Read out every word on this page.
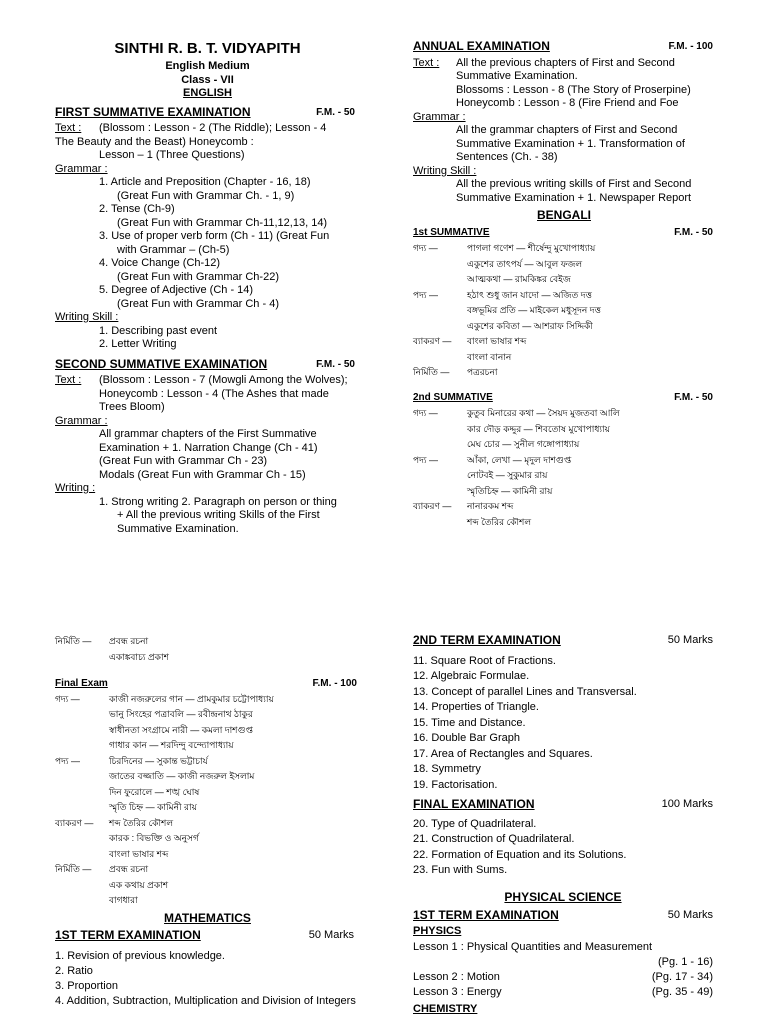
SINTHI R. B. T. VIDYAPITH
English Medium
Class - VII
ENGLISH
FIRST SUMMATIVE EXAMINATION	F.M. - 50
Text :	(Blossom : Lesson - 2 (The Riddle); Lesson - 4
The Beauty and the Beast) Honeycomb :
Lesson – 1 (Three Questions)
Grammar :
1. Article and Preposition (Chapter - 16, 18)
(Great Fun with Grammar Ch. - 1, 9)
2. Tense (Ch-9)
(Great Fun with Grammar Ch-11,12,13, 14)
3. Use of proper verb form (Ch - 11) (Great Fun
with Grammar – (Ch-5)
4. Voice Change (Ch-12)
(Great Fun with Grammar Ch-22)
5. Degree of Adjective (Ch - 14)
(Great Fun with Grammar Ch - 4)
Writing Skill :
1. Describing past event
2. Letter Writing
SECOND SUMMATIVE EXAMINATION	F.M. - 50
Text :	(Blossom : Lesson - 7 (Mowgli Among the Wolves);
Honeycomb : Lesson - 4 (The Ashes that made
Trees Bloom)
Grammar :
All grammar chapters of the First Summative
Examination + 1. Narration Change (Ch - 41)
(Great Fun with Grammar Ch - 23)
Modals (Great Fun with Grammar Ch - 15)
Writing :
1. Strong writing 2. Paragraph on person or thing
+ All the previous writing Skills of the First
Summative Examination.
ANNUAL EXAMINATION	F.M. - 100
Text :	All the previous chapters of First and Second
Summative Examination.
Blossoms : Lesson - 8 (The Story of Proserpine)
Honeycomb : Lesson - 8 (Fire Friend and Foe
Grammar :
All the grammar chapters of First and Second
Summative Examination + 1. Transformation of
Sentences (Ch. - 38)
Writing Skill :
All the previous writing skills of First and Second
Summative Examination + 1. Newspaper Report
BENGALI
1st SUMMATIVE	F.M. - 50
গদ্য —	পাগলা গণেশ — শীর্ষেন্দু মুখোপাধ্যায়
একুশের তাৎপর্য — আবুল ফজল
আত্মকথা — রামকিঙ্কর বেইজ
পদ্য —	হঠাৎ শুধু জান যাদো — অজিত দত্ত
বঙ্গভূমির প্রতি — মাইকেল মধুসূদন দত্ত
একুশের কবিতা — আশরাফ সিদ্দিকী
ব্যাকরণ —	বাংলা ভাষার শব্দ
বাংলা বানান
নির্মিতি —	পত্ররচনা
2nd SUMMATIVE	F.M. - 50
গদ্য —	কুতুব মিনারের কথা — সৈয়দ মুজতবা আলি
কার দৌড় কদ্দুর — শিবতোষ মুখোপাধ্যায়
মেঘ চোর — সুনীল গঙ্গোপাধ্যায়
পদ্য —	আঁকা, লেখা — মৃদুল দাশগুপ্ত
নোটবই — সুকুমার রায়
স্মৃতিচিহ্ন — কামিনী রায়
ব্যাকরণ —	নানারকম শব্দ
শব্দ তৈরির কৌশল
নির্মিতি —	প্রবন্ধ রচনা
একাঙ্কবাচ্য প্রকাশ
Final Exam	F.M. - 100
গদ্য —	কাজী নজরুলের গান — প্রামকুমার চট্টোপাধ্যায়
ভানু সিংহের পত্রাবলি — রবীন্দ্রনাথ ঠাকুর
স্বাধীনতা সংগ্রামে নারী — কমলা দাশগুপ্ত
গাধার কান — শরদিন্দু বন্দ্যোপাধ্যায়
পদ্য —	চিরদিনের — সুকান্ত ভট্টাচার্য
জাতের বজ্জাতি — কাজী নজরুল ইসলাম
দিন ফুরোলে — শঙ্খ ঘোষ
স্মৃতি চিহ্ন — কামিনী রায়
ব্যাকরণ —	শব্দ তৈরির কৌশল
কারক : বিভক্তি ও অনুসর্গ
বাংলা ভাষার শব্দ
নির্মিতি —	প্রবন্ধ রচনা
এক কথায় প্রকাশ
বাগধারা
MATHEMATICS
1ST TERM EXAMINATION	50 Marks
1. Revision of previous knowledge.
2. Ratio
3. Proportion
4. Addition, Subtraction, Multiplication and Division of Integers
2ND TERM EXAMINATION	50 Marks
11. Square Root of Fractions.
12. Algebraic Formulae.
13. Concept of parallel Lines and Transversal.
14. Properties of Triangle.
15. Time and Distance.
16. Double Bar Graph
17. Area of Rectangles and Squares.
18. Symmetry
19. Factorisation.
FINAL EXAMINATION	100 Marks
20. Type of Quadrilateral.
21. Construction of Quadrilateral.
22. Formation of Equation and its Solutions.
23. Fun with Sums.
PHYSICAL SCIENCE
1ST TERM EXAMINATION	50 Marks
PHYSICS
Lesson 1 : Physical Quantities and Measurement
(Pg. 1 - 16)
Lesson 2 : Motion	(Pg. 17 - 34)
Lesson 3 : Energy	(Pg. 35 - 49)
CHEMISTRY
